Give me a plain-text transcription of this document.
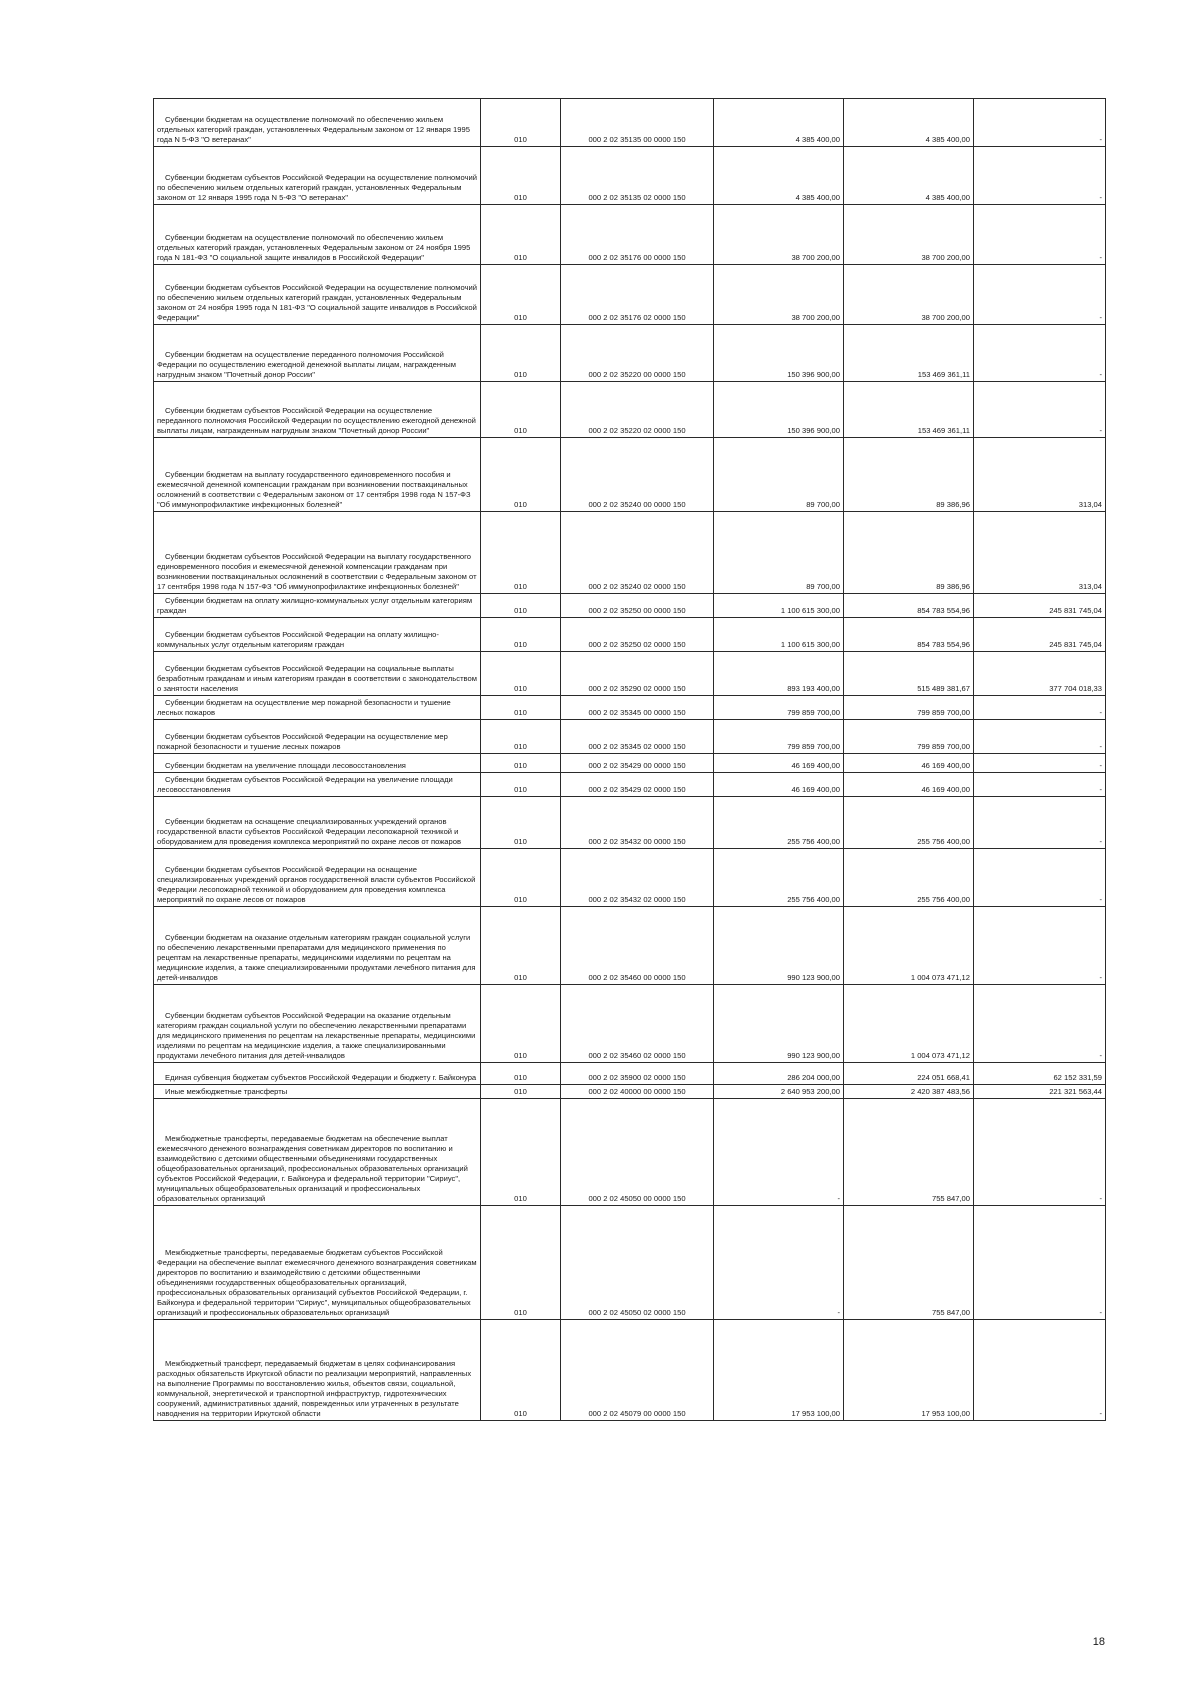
Субвенции бюджетам на осуществление полномочий по обеспечению жильем отдельных категорий граждан, установленных Федеральным законом от 12 января 1995 года N 5-ФЗ "О ветеранах"	010	000 2 02 35135 00 0000 150	4 385 400,00	4 385 400,00	-
Субвенции бюджетам субъектов Российской Федерации на осуществление полномочий по обеспечению жильем отдельных категорий граждан, установленных Федеральным законом от 12 января 1995 года N 5-ФЗ "О ветеранах"	010	000 2 02 35135 02 0000 150	4 385 400,00	4 385 400,00	-
Субвенции бюджетам на осуществление полномочий по обеспечению жильем отдельных категорий граждан, установленных Федеральным законом от 24 ноября 1995 года N 181-ФЗ "О социальной защите инвалидов в Российской Федерации"	010	000 2 02 35176 00 0000 150	38 700 200,00	38 700 200,00	-
Субвенции бюджетам субъектов Российской Федерации на осуществление полномочий по обеспечению жильем отдельных категорий граждан, установленных Федеральным законом от 24 ноября 1995 года N 181-ФЗ "О социальной защите инвалидов в Российской Федерации"	010	000 2 02 35176 02 0000 150	38 700 200,00	38 700 200,00	-
Субвенции бюджетам на осуществление переданного полномочия Российской Федерации по осуществлению ежегодной денежной выплаты лицам, награжденным нагрудным знаком "Почетный донор России"	010	000 2 02 35220 00 0000 150	150 396 900,00	153 469 361,11	-
Субвенции бюджетам субъектов Российской Федерации на осуществление переданного полномочия Российской Федерации по осуществлению ежегодной денежной выплаты лицам, награжденным нагрудным знаком "Почетный донор России"	010	000 2 02 35220 02 0000 150	150 396 900,00	153 469 361,11	-
Субвенции бюджетам на выплату государственного единовременного пособия и ежемесячной денежной компенсации гражданам при возникновении поствакцинальных осложнений в соответствии с Федеральным законом от 17 сентября 1998 года N 157-ФЗ "Об иммунопрофилактике инфекционных болезней"	010	000 2 02 35240 00 0000 150	89 700,00	89 386,96	313,04
Субвенции бюджетам субъектов Российской Федерации на выплату государственного единовременного пособия и ежемесячной денежной компенсации гражданам при возникновении поствакцинальных осложнений в соответствии с Федеральным законом от 17 сентября 1998 года N 157-ФЗ "Об иммунопрофилактике инфекционных болезней"	010	000 2 02 35240 02 0000 150	89 700,00	89 386,96	313,04
Субвенции бюджетам на оплату жилищно-коммунальных услуг отдельным категориям граждан	010	000 2 02 35250 00 0000 150	1 100 615 300,00	854 783 554,96	245 831 745,04
Субвенции бюджетам субъектов Российской Федерации на оплату жилищно-коммунальных услуг отдельным категориям граждан	010	000 2 02 35250 02 0000 150	1 100 615 300,00	854 783 554,96	245 831 745,04
Субвенции бюджетам субъектов Российской Федерации на социальные выплаты безработным гражданам и иным категориям граждан в соответствии с законодательством о занятости населения	010	000 2 02 35290 02 0000 150	893 193 400,00	515 489 381,67	377 704 018,33
Субвенции бюджетам на осуществление мер пожарной безопасности и тушение лесных пожаров	010	000 2 02 35345 00 0000 150	799 859 700,00	799 859 700,00	-
Субвенции бюджетам субъектов Российской Федерации на осуществление мер пожарной безопасности и тушение лесных пожаров	010	000 2 02 35345 02 0000 150	799 859 700,00	799 859 700,00	-
Субвенции бюджетам на увеличение площади лесовосстановления	010	000 2 02 35429 00 0000 150	46 169 400,00	46 169 400,00	-
Субвенции бюджетам субъектов Российской Федерации на увеличение площади лесовосстановления	010	000 2 02 35429 02 0000 150	46 169 400,00	46 169 400,00	-
Субвенции бюджетам на оснащение специализированных учреждений органов государственной власти субъектов Российской Федерации лесопожарной техникой и оборудованием для проведения комплекса мероприятий по охране лесов от пожаров	010	000 2 02 35432 00 0000 150	255 756 400,00	255 756 400,00	-
Субвенции бюджетам субъектов Российской Федерации на оснащение специализированных учреждений органов государственной власти субъектов Российской Федерации лесопожарной техникой и оборудованием для проведения комплекса мероприятий по охране лесов от пожаров	010	000 2 02 35432 02 0000 150	255 756 400,00	255 756 400,00	-
Субвенции бюджетам на оказание отдельным категориям граждан социальной услуги по обеспечению лекарственными препаратами для медицинского применения по рецептам на лекарственные препараты, медицинскими изделиями по рецептам на медицинские изделия, а также специализированными продуктами лечебного питания для детей-инвалидов	010	000 2 02 35460 00 0000 150	990 123 900,00	1 004 073 471,12	-
Субвенции бюджетам субъектов Российской Федерации на оказание отдельным категориям граждан социальной услуги по обеспечению лекарственными препаратами для медицинского применения по рецептам на лекарственные препараты, медицинскими изделиями по рецептам на медицинские изделия, а также специализированными продуктами лечебного питания для детей-инвалидов	010	000 2 02 35460 02 0000 150	990 123 900,00	1 004 073 471,12	-
Единая субвенция бюджетам субъектов Российской Федерации и бюджету г. Байконура	010	000 2 02 35900 02 0000 150	286 204 000,00	224 051 668,41	62 152 331,59
Иные межбюджетные трансферты	010	000 2 02 40000 00 0000 150	2 640 953 200,00	2 420 387 483,56	221 321 563,44
Межбюджетные трансферты, передаваемые бюджетам на обеспечение выплат ежемесячного денежного вознаграждения советникам директоров по воспитанию и взаимодействию с детскими общественными объединениями государственных общеобразовательных организаций, профессиональных образовательных организаций субъектов Российской Федерации, г. Байконура и федеральной территории "Сириус", муниципальных общеобразовательных организаций и профессиональных образовательных организаций	010	000 2 02 45050 00 0000 150	-	755 847,00	-
Межбюджетные трансферты, передаваемые бюджетам субъектов Российской Федерации на обеспечение выплат ежемесячного денежного вознаграждения советникам директоров по воспитанию и взаимодействию с детскими общественными объединениями государственных общеобразовательных организаций, профессиональных образовательных организаций субъектов Российской Федерации, г. Байконура и федеральной территории "Сириус", муниципальных общеобразовательных организаций и профессиональных образовательных организаций	010	000 2 02 45050 02 0000 150	-	755 847,00	-
Межбюджетный трансферт, передаваемый бюджетам в целях софинансирования расходных обязательств Иркутской области по реализации мероприятий, направленных на выполнение Программы по восстановлению жилья, объектов связи, социальной, коммунальной, энергетической и транспортной инфраструктур, гидротехнических сооружений, административных зданий, поврежденных или утраченных в результате наводнения на территории Иркутской области	010	000 2 02 45079 00 0000 150	17 953 100,00	17 953 100,00	-
18
